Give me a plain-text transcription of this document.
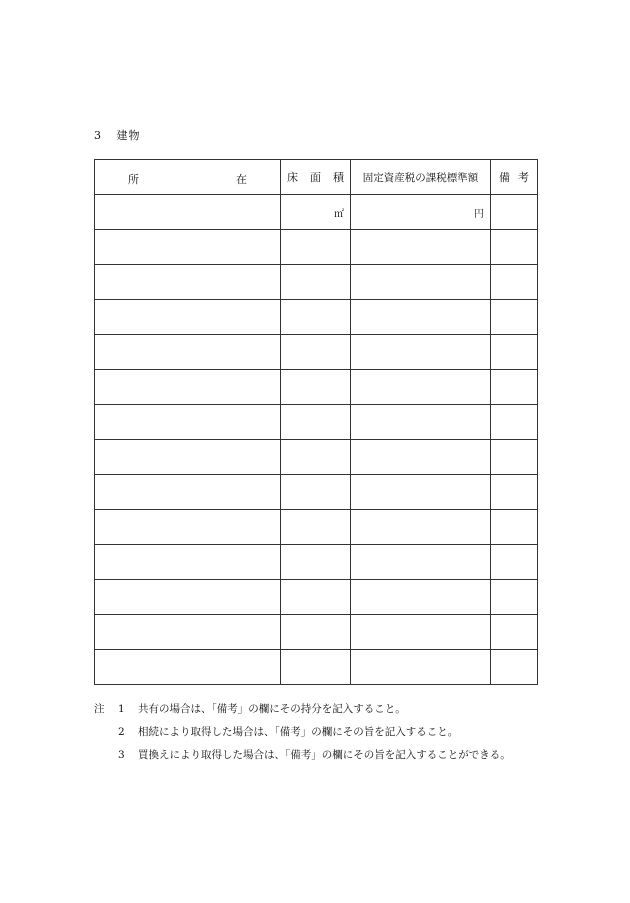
3 建物
所 在	床面積	固定資産税の課税標準額	備考
	㎡	円	

注	1	共有の場合は、「備考」の欄にその持分を記入すること。
2	相続により取得した場合は、「備考」の欄にその旨を記入すること。
3	買換えにより取得した場合は、「備考」の欄にその旨を記入することができる。
